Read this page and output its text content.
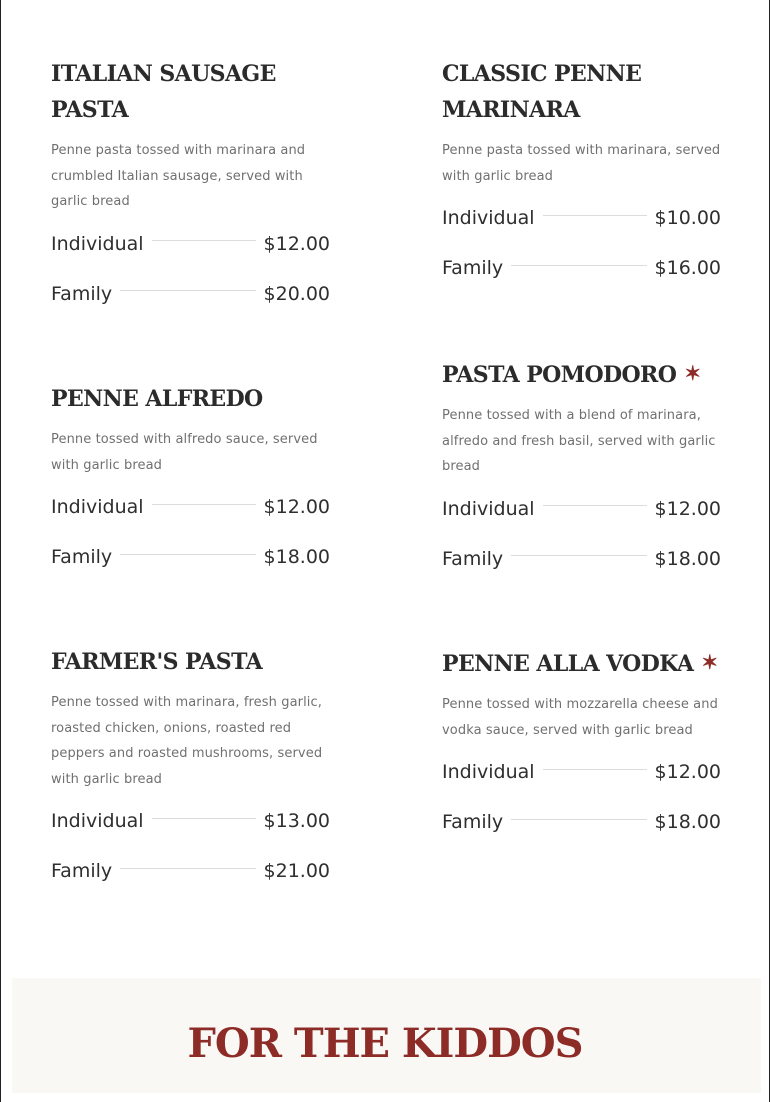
ITALIAN SAUSAGE PASTA

Penne pasta tossed with marinara and crumbled Italian sausage, served with garlic bread

Individual	$12.00
Family	$20.00
PENNE ALFREDO

Penne tossed with alfredo sauce, served with garlic bread

Individual	$12.00
Family	$18.00
FARMER'S PASTA

Penne tossed with marinara, fresh garlic, roasted chicken, onions, roasted red peppers and roasted mushrooms, served with garlic bread

Individual	$13.00
Family	$21.00
CLASSIC PENNE MARINARA

Penne pasta tossed with marinara, served with garlic bread

Individual	$10.00
Family	$16.00
PASTA POMODORO ✶

Penne tossed with a blend of marinara, alfredo and fresh basil, served with garlic bread

Individual	$12.00
Family	$18.00
PENNE ALLA VODKA ✶

Penne tossed with mozzarella cheese and vodka sauce, served with garlic bread

Individual	$12.00
Family	$18.00
FOR THE KIDDOS
